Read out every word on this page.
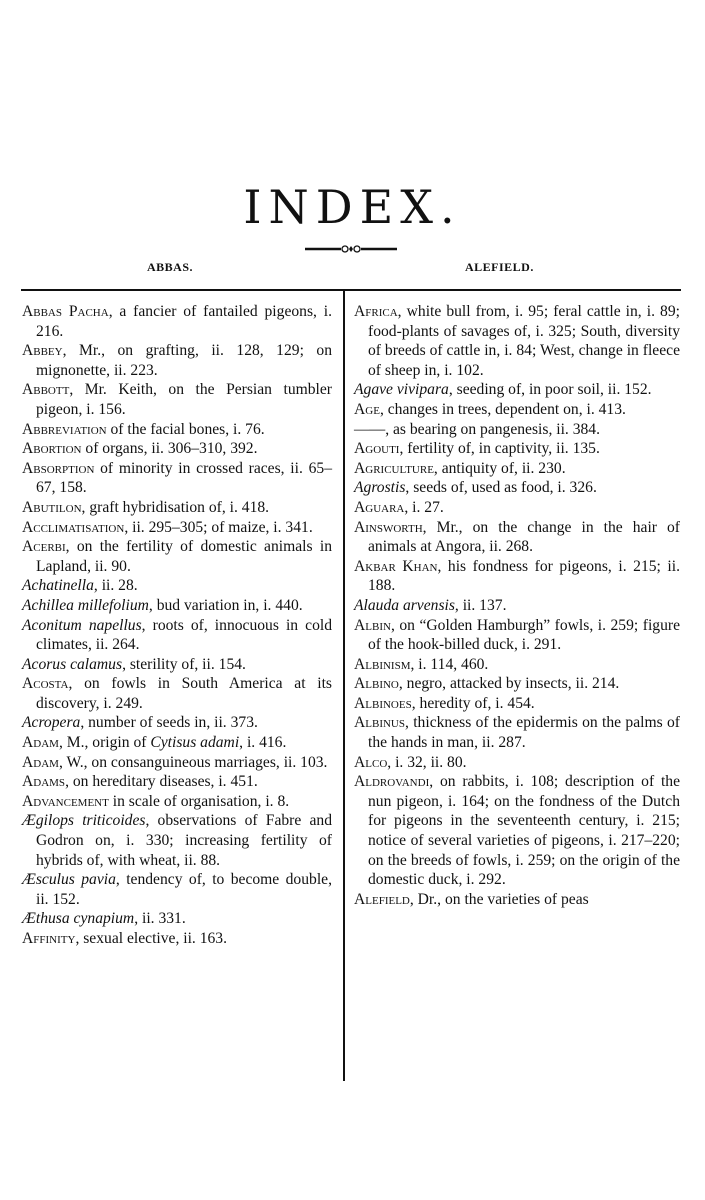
INDEX.
ABBAS.	ALEFIELD.

Abbas Pacha, a fancier of fantailed pigeons, i. 216.

Abbey, Mr., on grafting, ii. 128, 129; on mignonette, ii. 223.

Abbott, Mr. Keith, on the Persian tumbler pigeon, i. 156.

Abbreviation of the facial bones, i. 76.

Abortion of organs, ii. 306–310, 392.

Absorption of minority in crossed races, ii. 65–67, 158.

Abutilon, graft hybridisation of, i. 418.

Acclimatisation, ii. 295–305; of maize, i. 341.

Acerbi, on the fertility of domestic animals in Lapland, ii. 90.

Achatinella, ii. 28.

Achillea millefolium, bud variation in, i. 440.

Aconitum napellus, roots of, innocuous in cold climates, ii. 264.

Acorus calamus, sterility of, ii. 154.

Acosta, on fowls in South America at its discovery, i. 249.

Acropera, number of seeds in, ii. 373.

Adam, M., origin of Cytisus adami, i. 416.

Adam, W., on consanguineous marriages, ii. 103.

Adams, on hereditary diseases, i. 451.

Advancement in scale of organisation, i. 8.

Ægilops triticoides, observations of Fabre and Godron on, i. 330; increasing fertility of hybrids of, with wheat, ii. 88.

Æsculus pavia, tendency of, to become double, ii. 152.

Æthusa cynapium, ii. 331.

Affinity, sexual elective, ii. 163.

Africa, white bull from, i. 95; feral cattle in, i. 89; food-plants of savages of, i. 325; South, diversity of breeds of cattle in, i. 84; West, change in fleece of sheep in, i. 102.

Agave vivipara, seeding of, in poor soil, ii. 152.

Age, changes in trees, dependent on, i. 413.

——, as bearing on pangenesis, ii. 384.

Agouti, fertility of, in captivity, ii. 135.

Agriculture, antiquity of, ii. 230.

Agrostis, seeds of, used as food, i. 326.

Aguara, i. 27.

Ainsworth, Mr., on the change in the hair of animals at Angora, ii. 268.

Akbar Khan, his fondness for pigeons, i. 215; ii. 188.

Alauda arvensis, ii. 137.

Albin, on “Golden Hamburgh” fowls, i. 259; figure of the hook-billed duck, i. 291.

Albinism, i. 114, 460.

Albino, negro, attacked by insects, ii. 214.

Albinoes, heredity of, i. 454.

Albinus, thickness of the epidermis on the palms of the hands in man, ii. 287.

Alco, i. 32, ii. 80.

Aldrovandi, on rabbits, i. 108; description of the nun pigeon, i. 164; on the fondness of the Dutch for pigeons in the seventeenth century, i. 215; notice of several varieties of pigeons, i. 217–220; on the breeds of fowls, i. 259; on the origin of the domestic duck, i. 292.

Alefield, Dr., on the varieties of peas
